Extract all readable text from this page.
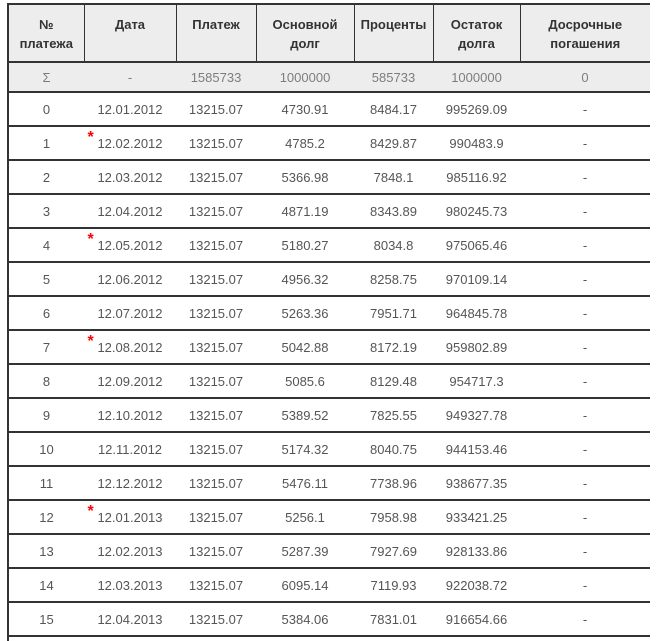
№ платежа	Дата	Платеж	Основной долг	Проценты	Остаток долга	Досрочные погашения
Σ	-	1585733	1000000	585733	1000000	0
0	12.01.2012	13215.07	4730.91	8484.17	995269.09	-
1	* 12.02.2012	13215.07	4785.2	8429.87	990483.9	-
2	12.03.2012	13215.07	5366.98	7848.1	985116.92	-
3	12.04.2012	13215.07	4871.19	8343.89	980245.73	-
4	* 12.05.2012	13215.07	5180.27	8034.8	975065.46	-
5	12.06.2012	13215.07	4956.32	8258.75	970109.14	-
6	12.07.2012	13215.07	5263.36	7951.71	964845.78	-
7	* 12.08.2012	13215.07	5042.88	8172.19	959802.89	-
8	12.09.2012	13215.07	5085.6	8129.48	954717.3	-
9	12.10.2012	13215.07	5389.52	7825.55	949327.78	-
10	12.11.2012	13215.07	5174.32	8040.75	944153.46	-
11	12.12.2012	13215.07	5476.11	7738.96	938677.35	-
12	* 12.01.2013	13215.07	5256.1	7958.98	933421.25	-
13	12.02.2013	13215.07	5287.39	7927.69	928133.86	-
14	12.03.2013	13215.07	6095.14	7119.93	922038.72	-
15	12.04.2013	13215.07	5384.06	7831.01	916654.66	-
